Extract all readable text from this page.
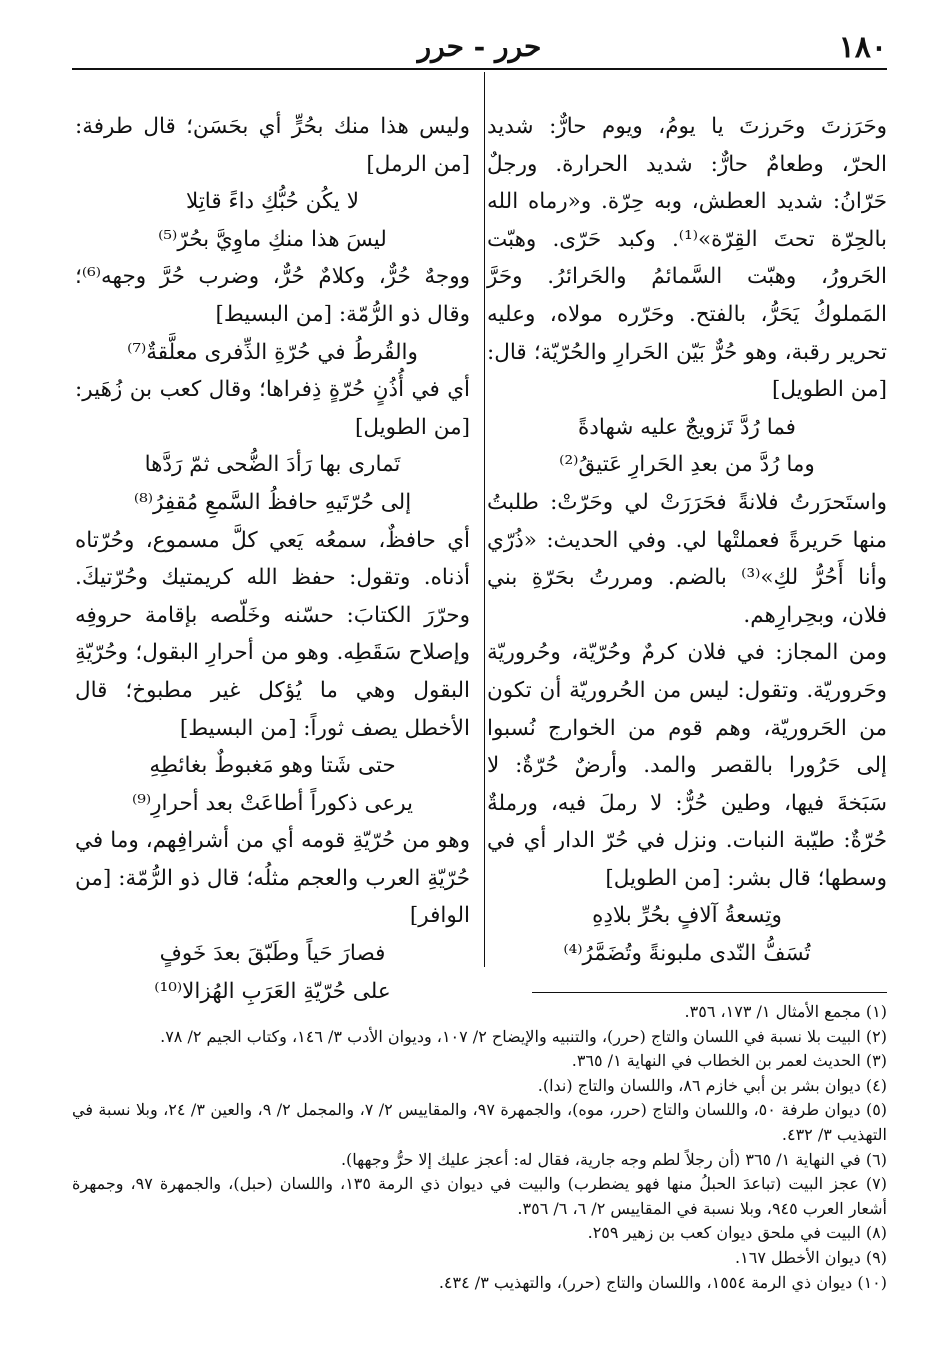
١٨٠
حرر - حرر

وحَرَزتَ وحَرزتَ يا يومُ، ويوم حارٌّ: شديد الحرّ، وطعامٌ حارٌّ: شديد الحرارة. ورجلٌ حَرّانُ: شديد العطش، وبه حِرّة. و«رماه الله بالحِرّة تحتَ القِرّة»⁽¹⁾. وكبد حَرّى. وهبّت الحَرورُ، وهبّت السَّمائمُ والحَرائرُ. وحَرَّ المَملوكُ يَحَرُّ، بالفتح. وحَرّره مولاه، وعليه تحرير رقبة، وهو حُرٌّ بَيّن الحَرارِ والحُرّيّة؛ قال: [من الطويل]

فما رُدَّ تَزويجٌ عليه شهادةً

وما رُدَّ من بعدِ الحَرارِ عَتيقُ⁽²⁾

واستَحرَرتُ فلانةً فحَرَرَتْ لي وحَرّتْ: طلبتُ منها حَريرةً فعملتْها لي. وفي الحديث: «ذُرّي وأنا أَحُرُّ لكِ»⁽³⁾ بالضم. ومررتُ بحَرّةِ بني فلان، وبحِرارِهم.

ومن المجاز: في فلان كرمٌ وحُرّيّة، وحُروريّة وحَروريّة. وتقول: ليس من الحُروريّة أن تكون من الحَروريّة، وهم قوم من الخوارج نُسبوا إلى حَرُورا بالقصر والمد. وأرضٌ حُرّةٌ: لا سَبَخةَ فيها، وطين حُرٌّ: لا رملَ فيه، ورملةٌ حُرّةٌ: طيّبة النبات. ونزل في حُرّ الدار أي في وسطها؛ قال بشر: [من الطويل]

وتِسعةُ آلافٍ بحُرِّ بلادِهِ

تُسَفُّ النّدى ملبونةً وتُضَمَّرُ⁽⁴⁾

وليس هذا منك بحُرٍّ أي بحَسَن؛ قال طرفة: [من الرمل]

لا يكُن حُبُّكِ داءً قاتِلا

ليسَ هذا منكِ ماوِيَّ بحُرّ⁽⁵⁾

ووجهٌ حُرٌّ، وكلامٌ حُرٌّ، وضرب حُرَّ وجهه⁽⁶⁾؛ وقال ذو الرُّمّة: [من البسيط]

والقُرطُ في حُرّةِ الذِّفرى معلَّقةٌ⁽⁷⁾

أي في أُذُنٍ حُرّةٍ ذِفراها؛ وقال كعب بن زُهَير: [من الطويل]

تَمارى بها رَأدَ الضُّحى ثمّ رَدَّها

إلى حُرّتَيهِ حافظُ السَّمعِ مُقفِرُ⁽⁸⁾

أي حافظٌ، سمعُه يَعي كلَّ مسموع، وحُرّتاه أذناه. وتقول: حفظ الله كريمتيك وحُرّتيكَ. وحرّرَ الكتابَ: حسّنه وخَلّصه بإقامة حروفِه وإصلاح سَقَطِه. وهو من أحرارِ البقول؛ وحُرّيّةِ البقول وهي ما يُؤكل غير مطبوخ؛ قال الأخطل يصف ثوراً: [من البسيط]

حتى شَتا وهو مَغبوطٌ بغائطِهِ

يرعى ذكوراً أطاعَتْ بعد أحرارِ⁽⁹⁾

وهو من حُرّيّةِ قومه أي من أشرافِهم، وما في حُرّيّةِ العرب والعجم مثلُه؛ قال ذو الرُّمّة: [من الوافر]

فصارَ حَياً وطَبّقَ بعدَ خَوفٍ

على حُرّيّةِ العَرَبِ الهُزالا⁽¹⁰⁾

(١) مجمع الأمثال ١/ ١٧٣، ٣٥٦.

(٢) البيت بلا نسبة في اللسان والتاج (حرر)، والتنبيه والإيضاح ٢/ ١٠٧، وديوان الأدب ٣/ ١٤٦، وكتاب الجيم ٢/ ٧٨.

(٣) الحديث لعمر بن الخطاب في النهاية ١/ ٣٦٥.

(٤) ديوان بشر بن أبي خازم ٨٦، واللسان والتاج (ندا).

(٥) ديوان طرفة ٥٠، واللسان والتاج (حرر، موه)، والجمهرة ٩٧، والمقاييس ٢/ ٧، والمجمل ٢/ ٩، والعين ٣/ ٢٤، وبلا نسبة في التهذيب ٣/ ٤٣٢.

(٦) في النهاية ١/ ٣٦٥ (أن رجلاً لطم وجه جارية، فقال له: أعجز عليك إلا حرُّ وجهها).

(٧) عجز البيت (تباعدَ الحبلُ منها فهو يضطرب) والبيت في ديوان ذي الرمة ١٣٥، واللسان (حبل)، والجمهرة ٩٧، وجمهرة أشعار العرب ٩٤٥، وبلا نسبة في المقاييس ٢/ ٦، ٦/ ٣٥٦.

(٨) البيت في ملحق ديوان كعب بن زهير ٢٥٩.

(٩) ديوان الأخطل ١٦٧.

(١٠) ديوان ذي الرمة ١٥٥٤، واللسان والتاج (حرر)، والتهذيب ٣/ ٤٣٤.
